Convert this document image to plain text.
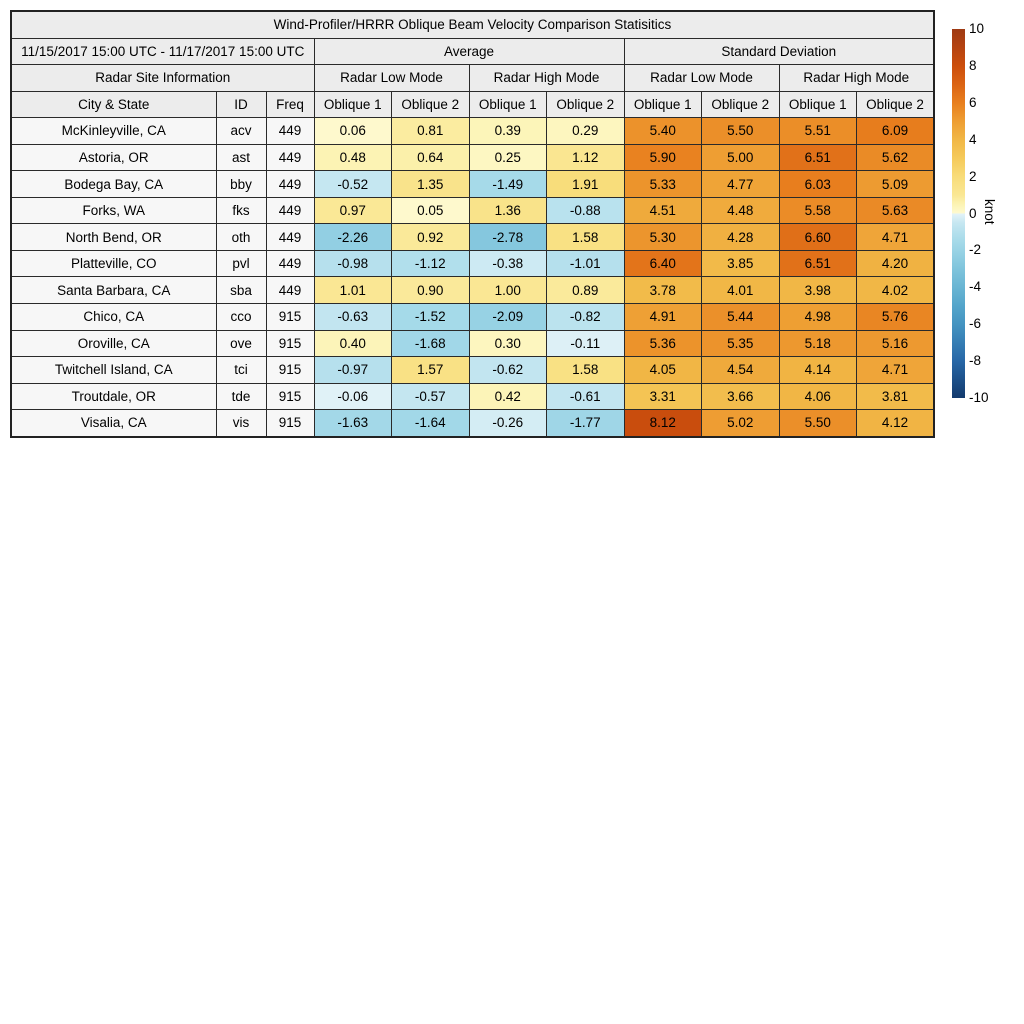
Wind-Profiler/HRRR Oblique Beam Velocity Comparison Statisitics										
11/15/2017 15:00 UTC - 11/17/2017 15:00 UTC			Average				Standard Deviation			
Radar Site Information			Radar Low Mode		Radar High Mode		Radar Low Mode		Radar High Mode	
City & State	ID	Freq	Oblique 1	Oblique 2	Oblique 1	Oblique 2	Oblique 1	Oblique 2	Oblique 1	Oblique 2
McKinleyville, CA	acv	449	0.06	0.81	0.39	0.29	5.40	5.50	5.51	6.09
Astoria, OR	ast	449	0.48	0.64	0.25	1.12	5.90	5.00	6.51	5.62
Bodega Bay, CA	bby	449	-0.52	1.35	-1.49	1.91	5.33	4.77	6.03	5.09
Forks, WA	fks	449	0.97	0.05	1.36	-0.88	4.51	4.48	5.58	5.63
North Bend, OR	oth	449	-2.26	0.92	-2.78	1.58	5.30	4.28	6.60	4.71
Platteville, CO	pvl	449	-0.98	-1.12	-0.38	-1.01	6.40	3.85	6.51	4.20
Santa Barbara, CA	sba	449	1.01	0.90	1.00	0.89	3.78	4.01	3.98	4.02
Chico, CA	cco	915	-0.63	-1.52	-2.09	-0.82	4.91	5.44	4.98	5.76
Oroville, CA	ove	915	0.40	-1.68	0.30	-0.11	5.36	5.35	5.18	5.16
Twitchell Island, CA	tci	915	-0.97	1.57	-0.62	1.58	4.05	4.54	4.14	4.71
Troutdale, OR	tde	915	-0.06	-0.57	0.42	-0.61	3.31	3.66	4.06	3.81
Visalia, CA	vis	915	-1.63	-1.64	-0.26	-1.77	8.12	5.02	5.50	4.12
10
8
6
4
2
0
-2
-4
-6
-8
-10
knot
